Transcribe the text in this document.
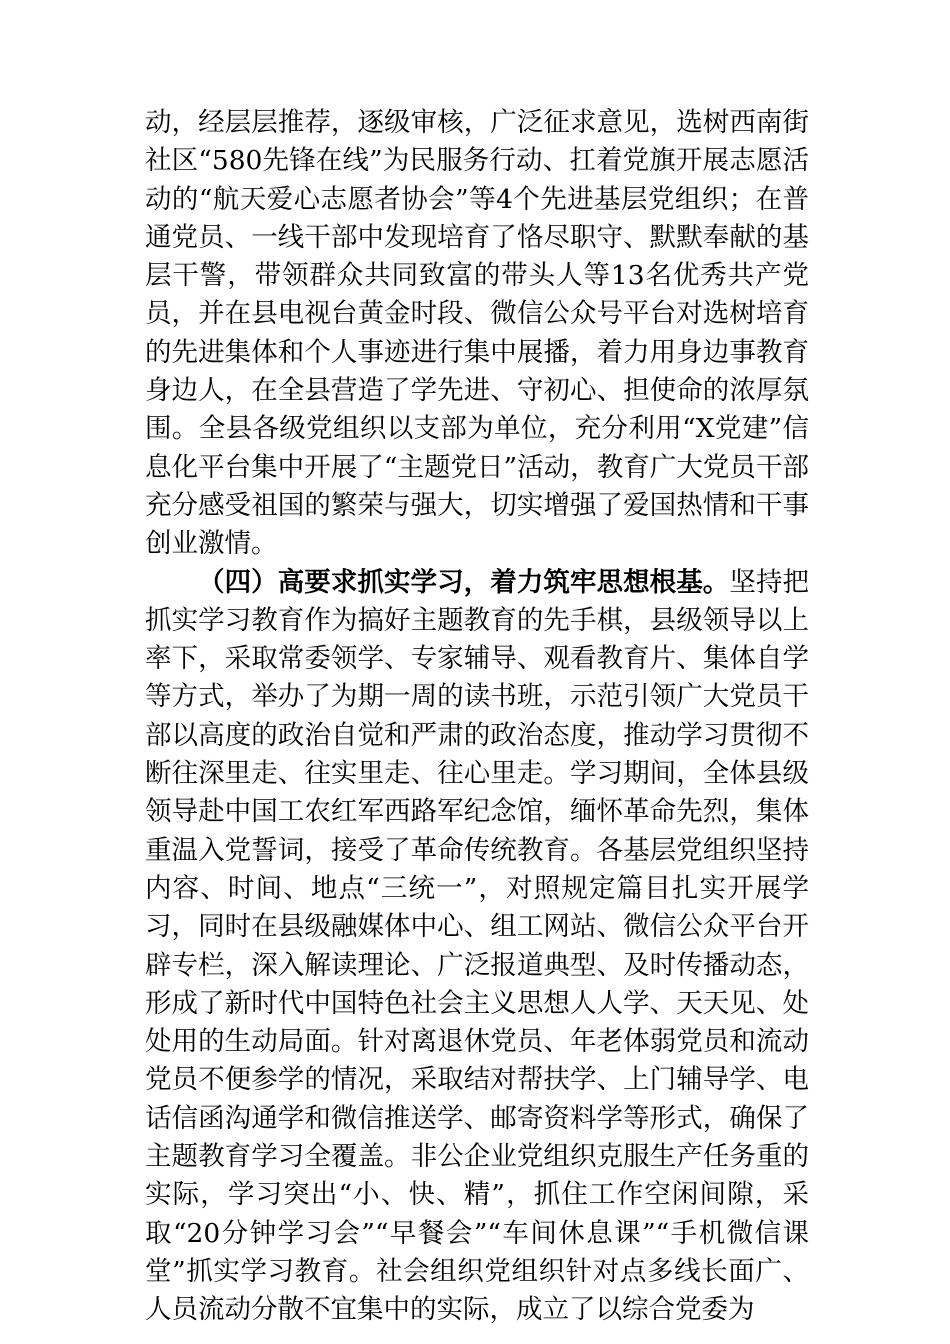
动，经层层推荐，逐级审核，广泛征求意见，选树西南街社区“580先锋在线”为民服务行动、扛着党旗开展志愿活动的“航天爱心志愿者协会”等4个先进基层党组织；在普通党员、一线干部中发现培育了恪尽职守、默默奉献的基层干警，带领群众共同致富的带头人等13名优秀共产党员，并在县电视台黄金时段、微信公众号平台对选树培育的先进集体和个人事迹进行集中展播，着力用身边事教育身边人，在全县营造了学先进、守初心、担使命的浓厚氛围。全县各级党组织以支部为单位，充分利用“X党建”信息化平台集中开展了“主题党日”活动，教育广大党员干部充分感受祖国的繁荣与强大，切实增强了爱国热情和干事创业激情。

（四）高要求抓实学习，着力筑牢思想根基。坚持把抓实学习教育作为搞好主题教育的先手棋，县级领导以上率下，采取常委领学、专家辅导、观看教育片、集体自学等方式，举办了为期一周的读书班，示范引领广大党员干部以高度的政治自觉和严肃的政治态度，推动学习贯彻不断往深里走、往实里走、往心里走。学习期间，全体县级领导赴中国工农红军西路军纪念馆，缅怀革命先烈，集体重温入党誓词，接受了革命传统教育。各基层党组织坚持内容、时间、地点“三统一”，对照规定篇目扎实开展学习，同时在县级融媒体中心、组工网站、微信公众平台开辟专栏，深入解读理论、广泛报道典型、及时传播动态，形成了新时代中国特色社会主义思想人人学、天天见、处处用的生动局面。针对离退休党员、年老体弱党员和流动党员不便参学的情况，采取结对帮扶学、上门辅导学、电话信函沟通学和微信推送学、邮寄资料学等形式，确保了主题教育学习全覆盖。非公企业党组织克服生产任务重的实际，学习突出“小、快、精”，抓住工作空闲间隙，采取“20分钟学习会”“早餐会”“车间休息课”“手机微信课堂”抓实学习教育。社会组织党组织针对点多线长面广、人员流动分散不宜集中的实际，成立了以综合党委为
